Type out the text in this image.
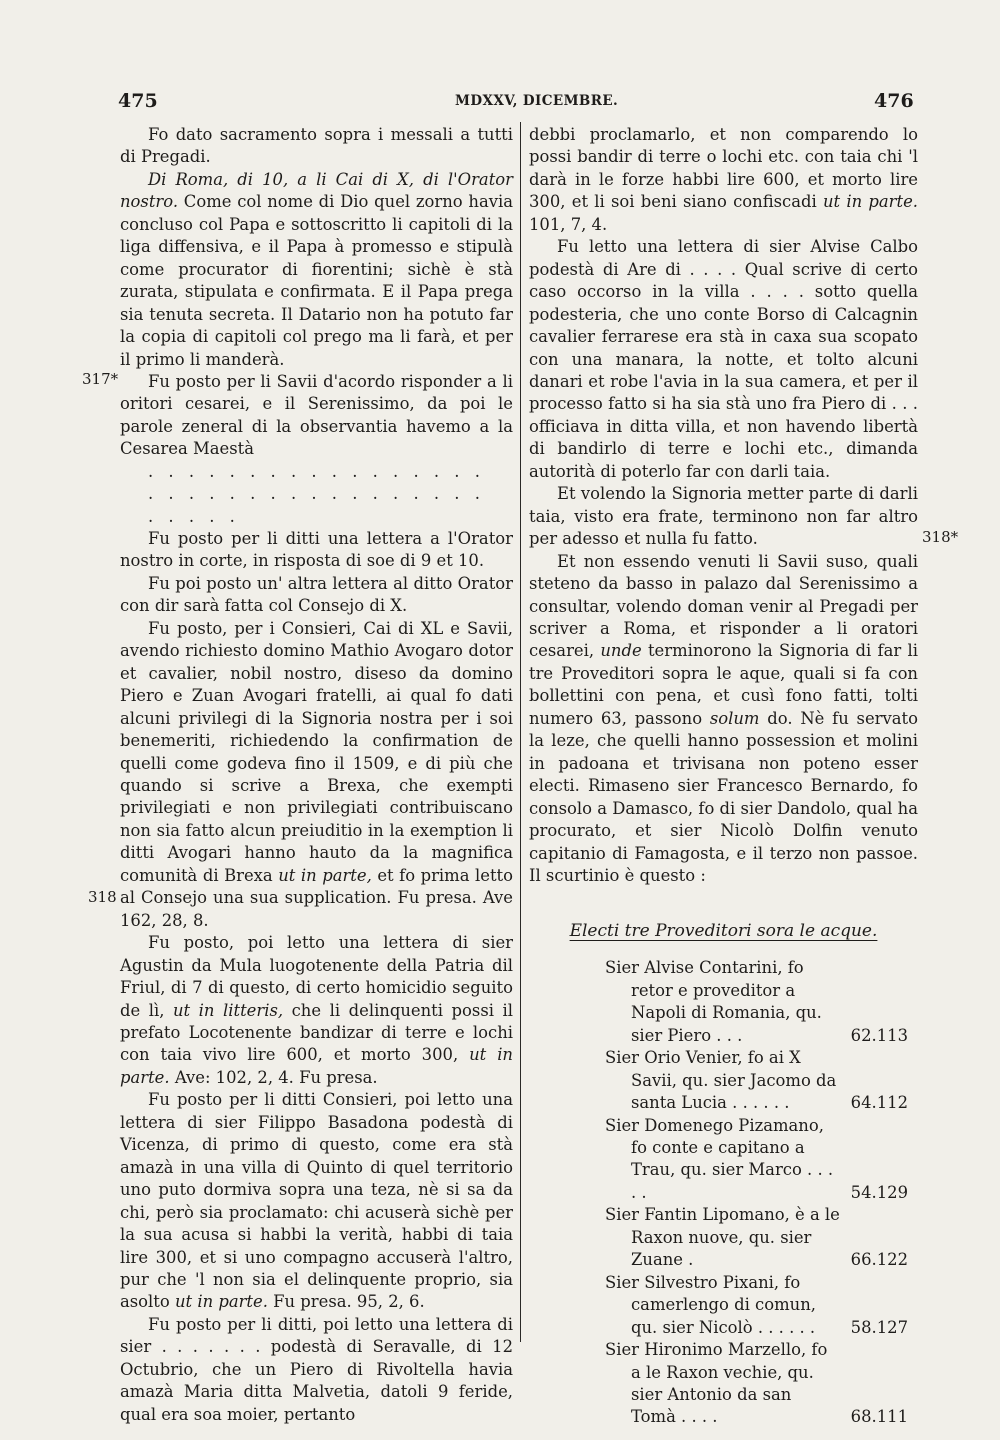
475	MDXXV, DICEMBRE.	476
317*
318
318*

Fo dato sacramento sopra i messali a tutti di Pregadi.

Di Roma, di 10, a li Cai di X, di l'Orator nostro. Come col nome di Dio quel zorno havia concluso col Papa e sottoscritto li capitoli di la liga diffensiva, e il Papa à promesso e stipulà come procurator di fiorentini; sichè è stà zurata, stipulata e confirmata. E il Papa prega sia tenuta secreta. Il Datario non ha potuto far la copia di capitoli col prego ma li farà, et per il primo li manderà.

Fu posto per li Savii d'acordo risponder a li oritori cesarei, e il Serenissimo, da poi le parole zeneral di la observantia havemo a la Cesarea Maestà

. . . . . . . . . . . . . . . . .

. . . . . . . . . . . . . . . . .

. . . . .

Fu posto per li ditti una lettera a l'Orator nostro in corte, in risposta di soe di 9 et 10.

Fu poi posto un' altra lettera al ditto Orator con dir sarà fatta col Consejo di X.

Fu posto, per i Consieri, Cai di XL e Savii, avendo richiesto domino Mathio Avogaro dotor et cavalier, nobil nostro, diseso da domino Piero e Zuan Avogari fratelli, ai qual fo dati alcuni privilegi di la Signoria nostra per i soi benemeriti, richiedendo la confirmation de quelli come godeva fino il 1509, e di più che quando si scrive a Brexa, che exempti privilegiati e non privilegiati contribuiscano non sia fatto alcun preiuditio in la exemption li ditti Avogari hanno hauto da la magnifica comunità di Brexa ut in parte, et fo prima letto al Consejo una sua supplication. Fu presa. Ave 162, 28, 8.

Fu posto, poi letto una lettera di sier Agustin da Mula luogotenente della Patria dil Friul, di 7 di questo, di certo homicidio seguito de lì, ut in litteris, che li delinquenti possi il prefato Locotenente bandizar di terre e lochi con taia vivo lire 600, et morto 300, ut in parte. Ave: 102, 2, 4. Fu presa.

Fu posto per li ditti Consieri, poi letto una lettera di sier Filippo Basadona podestà di Vicenza, di primo di questo, come era stà amazà in una villa di Quinto di quel territorio uno puto dormiva sopra una teza, nè si sa da chi, però sia proclamato: chi acuserà sichè per la sua acusa si habbi la verità, habbi di taia lire 300, et si uno compagno accuserà l'altro, pur che 'l non sia el delinquente proprio, sia asolto ut in parte. Fu presa. 95, 2, 6.

Fu posto per li ditti, poi letto una lettera di sier . . . . . . . podestà di Seravalle, di 12 Octubrio, che un Piero di Rivoltella havia amazà Maria ditta Malvetia, datoli 9 feride, qual era soa moier, pertanto

debbi proclamarlo, et non comparendo lo possi bandir di terre o lochi etc. con taia chi 'l darà in le forze habbi lire 600, et morto lire 300, et li soi beni siano confiscadi ut in parte. 101, 7, 4.

Fu letto una lettera di sier Alvise Calbo podestà di Are di . . . . Qual scrive di certo caso occorso in la villa . . . . sotto quella podesteria, che uno conte Borso di Calcagnin cavalier ferrarese era stà in caxa sua scopato con una manara, la notte, et tolto alcuni danari et robe l'avia in la sua camera, et per il processo fatto si ha sia stà uno fra Piero di . . . officiava in ditta villa, et non havendo libertà di bandirlo di terre e lochi etc., dimanda autorità di poterlo far con darli taia.

Et volendo la Signoria metter parte di darli taia, visto era frate, terminono non far altro per adesso et nulla fu fatto.

Et non essendo venuti li Savii suso, quali steteno da basso in palazo dal Serenissimo a consultar, volendo doman venir al Pregadi per scriver a Roma, et risponder a li oratori cesarei, unde terminorono la Signoria di far li tre Proveditori sopra le aque, quali si fa con bollettini con pena, et cusì fono fatti, tolti numero 63, passono solum do. Nè fu servato la leze, che quelli hanno possession et molini in padoana et trivisana non poteno esser electi. Rimaseno sier Francesco Bernardo, fo consolo a Damasco, fo di sier Dandolo, qual ha procurato, et sier Nicolò Dolfin venuto capitanio di Famagosta, e il terzo non passoe. Il scurtinio è questo :

Electi tre Proveditori sora le acque.

Sier Alvise Contarini, fo retor e proveditor a Napoli di Romania, qu. sier Piero . . .	62.113
Sier Orio Venier, fo ai X Savii, qu. sier Jacomo da santa Lucia . . . . . .	64.112
Sier Domenego Pizamano, fo conte e capitano a Trau, qu. sier Marco . . . . .	54.129
Sier Fantin Lipomano, è a le Raxon nuove, qu. sier Zuane .	66.122
Sier Silvestro Pixani, fo camerlengo di comun, qu. sier Nicolò . . . . . . 58.127
Sier Hironimo Marzello, fo a le Raxon vechie, qu. sier Antonio da san Tomà . . . .	68.111
